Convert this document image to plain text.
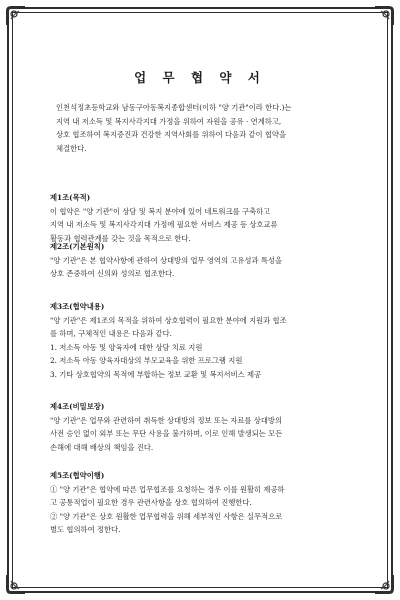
업 무 협 약 서
인천석정초등학교와 남동구아동복지종합센터(이하 "양 기관"이라 한다.)는
지역 내 저소득 및 복지사각지대 가정을 위하여 자원을 공유 · 연계하고,
상호 협조하여 복지증진과 건강한 지역사회를 위하여 다음과 같이 협약을
체결한다.

제1조(목적)

이 협약은 "양 기관"이 상담 및 복지 분야에 있어 네트워크를 구축하고
지역 내 저소득 및 복지사각지대 가정에 필요한 서비스 제공 등 상호교류
활동과 협력관계를 갖는 것을 목적으로 한다.

제2조(기본원칙)

"양 기관"은 본 협약사항에 관하여 상대방의 업무 영역의 고유성과 특성을
상호 존중하여 신의와 성의로 협조한다.

제3조(협약내용)

"양 기관"은 제1조의 목적을 위하여 상호협력이 필요한 분야에 지원과 협조
를 하며, 구체적인 내용은 다음과 같다.
1. 저소득 아동 및 양육자에 대한 상담 치료 지원
2. 저소득 아동 양육자대상의 부모교육을 위한 프로그램 지원
3. 기타 상호협약의 목적에 부합하는 정보 교환 및 복지서비스 제공

제4조(비밀보장)

"양 기관"은 업무와 관련하여 취득한 상대방의 정보 또는 자료를 상대방의
사전 승인 없이 외부 또는 무단 사용을 불가하며, 이로 인해 발생되는 모든
손해에 대해 배상의 책임을 진다.

제5조(협약이행)

① "양 기관"은 협약에 따른 업무협조를 요청하는 경우 이를 원활히 제공하
고 공통적업이 필요한 경우 관련사항을 상호 협의하여 진행한다.
② "양 기관"은 상호 원활한 업무협력을 위해 세부적인 사항은 실무적으로
별도 협의하여 정한다.
